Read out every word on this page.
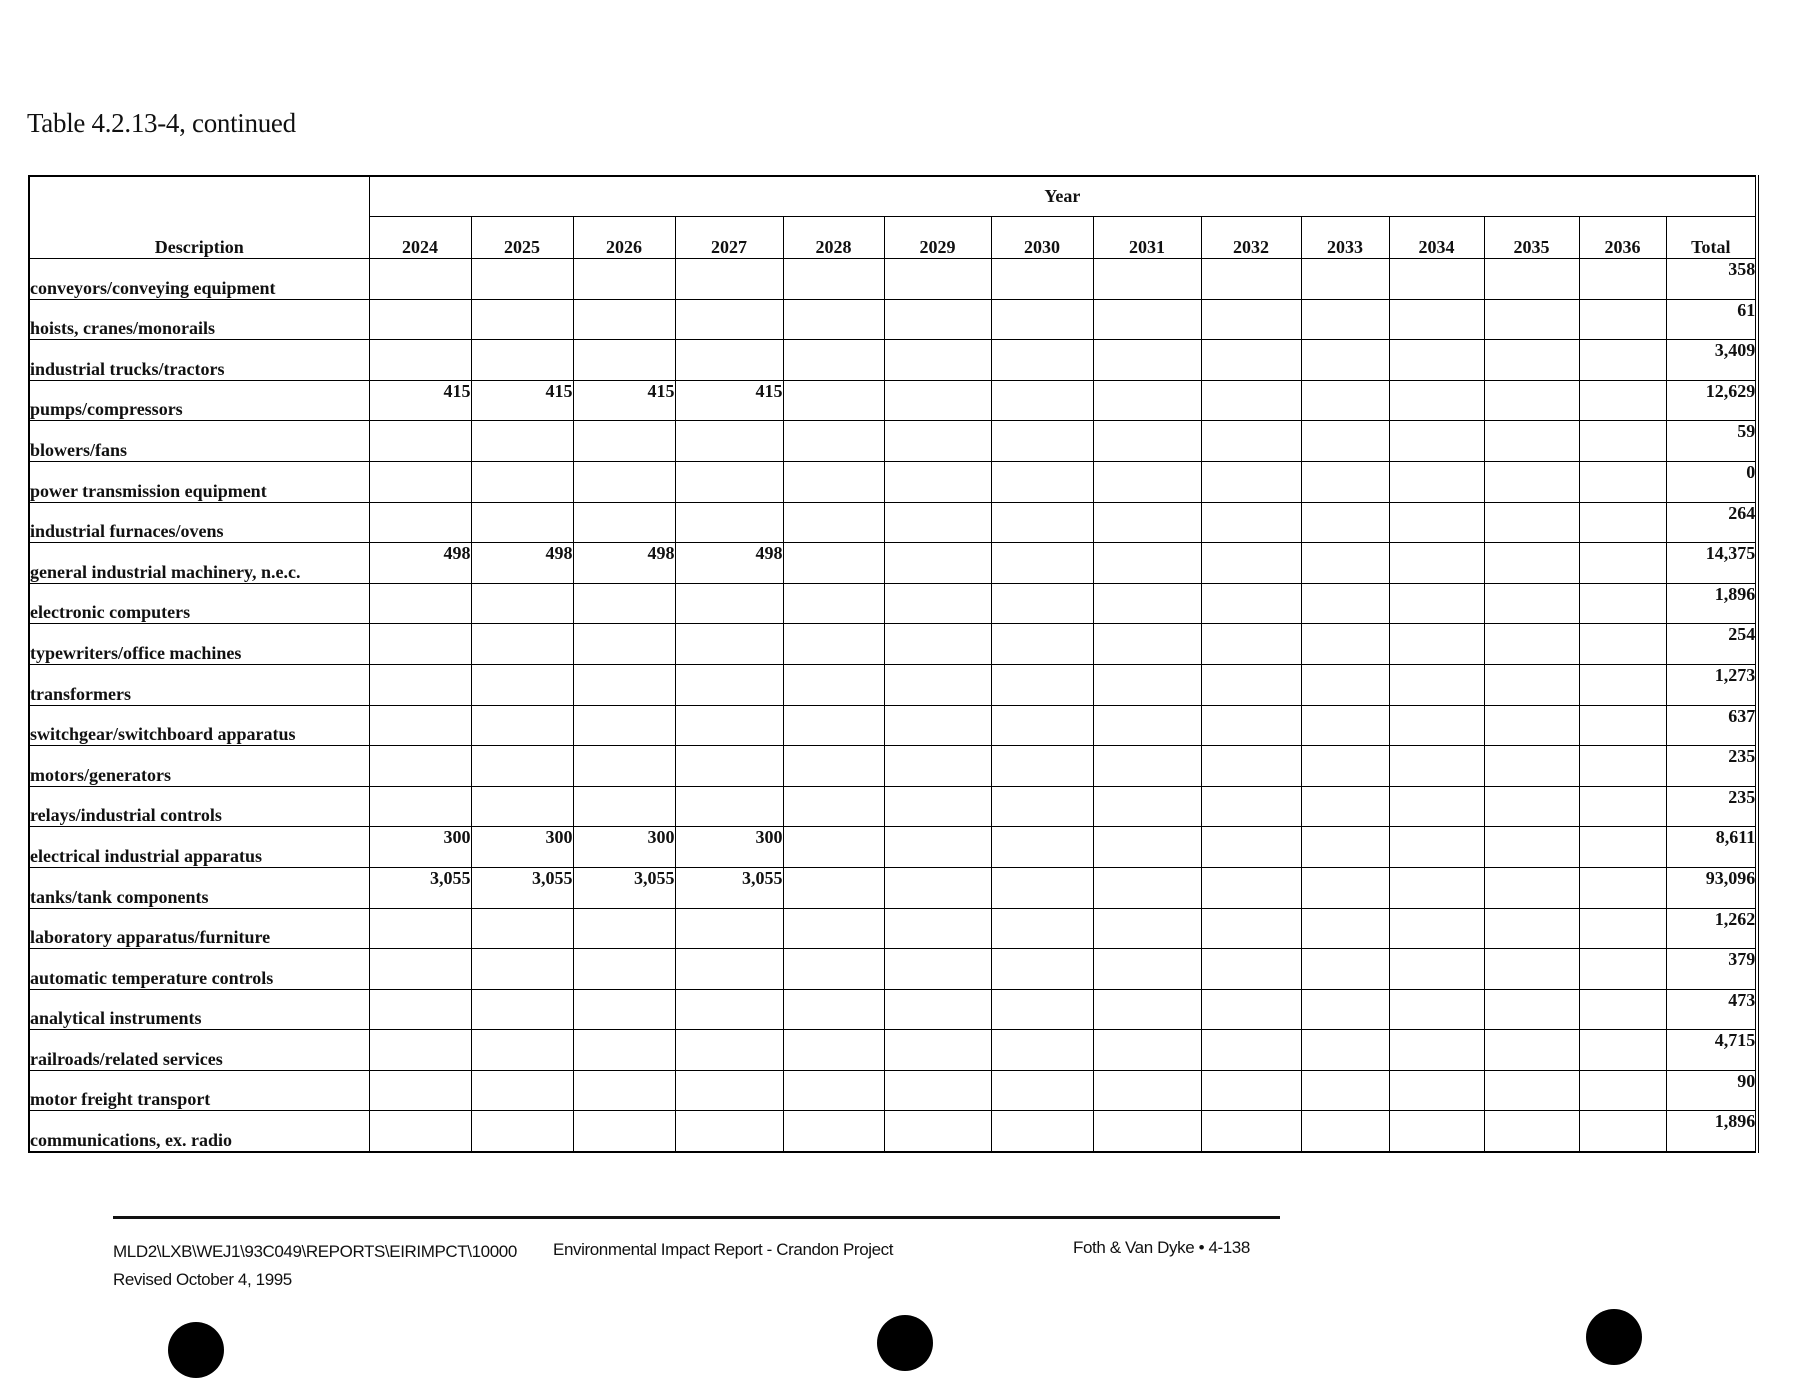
Table 4.2.13-4, continued
Description	Year													
	2024	2025	2026	2027	2028	2029	2030	2031	2032	2033	2034	2035	2036	Total
conveyors/conveying equipment														358
hoists, cranes/monorails														61
industrial trucks/tractors														3,409
pumps/compressors	415	415	415	415										12,629
blowers/fans														59
power transmission equipment														0
industrial furnaces/ovens														264
general industrial machinery, n.e.c.	498	498	498	498										14,375
electronic computers														1,896
typewriters/office machines														254
transformers														1,273
switchgear/switchboard apparatus														637
motors/generators														235
relays/industrial controls														235
electrical industrial apparatus	300	300	300	300										8,611
tanks/tank components	3,055	3,055	3,055	3,055										93,096
laboratory apparatus/furniture														1,262
automatic temperature controls														379
analytical instruments														473
railroads/related services														4,715
motor freight transport														90
communications, ex. radio														1,896
MLD2\LXB\WEJ1\93C049\REPORTS\EIRIMPCT\10000 Environmental Impact Report - Crandon Project
Revised October 4, 1995
Foth & Van Dyke • 4-138
